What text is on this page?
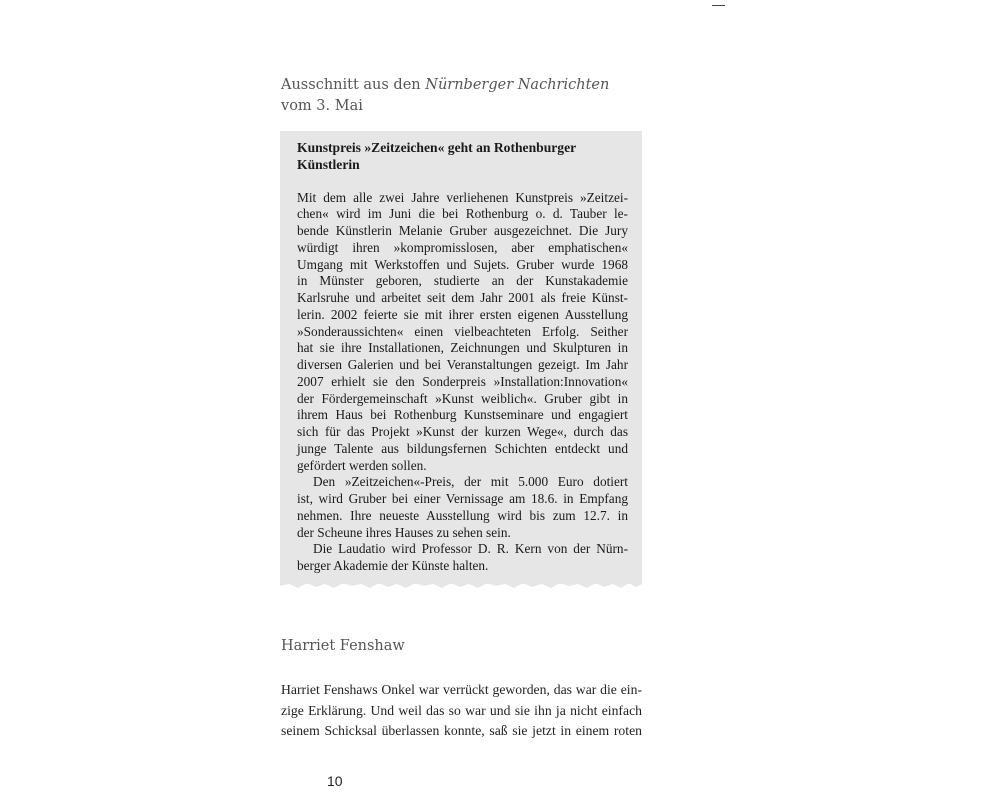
Ausschnitt aus den Nürnberger Nachrichten
vom 3. Mai
Kunstpreis »Zeitzeichen« geht an Rothenburger
Künstlerin
Mit dem alle zwei Jahre verliehenen Kunstpreis »Zeitzei-
chen« wird im Juni die bei Rothenburg o. d. Tauber le-
bende Künstlerin Melanie Gruber ausgezeichnet. Die Jury
würdigt ihren »kompromisslosen, aber emphatischen«
Umgang mit Werkstoffen und Sujets. Gruber wurde 1968
in Münster geboren, studierte an der Kunstakademie
Karlsruhe und arbeitet seit dem Jahr 2001 als freie Künst-
lerin. 2002 feierte sie mit ihrer ersten eigenen Ausstellung
»Sonderaussichten« einen vielbeachteten Erfolg. Seither
hat sie ihre Installationen, Zeichnungen und Skulpturen in
diversen Galerien und bei Veranstaltungen gezeigt. Im Jahr
2007 erhielt sie den Sonderpreis »Installation:Innovation«
der Fördergemeinschaft »Kunst weiblich«. Gruber gibt in
ihrem Haus bei Rothenburg Kunstseminare und engagiert
sich für das Projekt »Kunst der kurzen Wege«, durch das
junge Talente aus bildungsfernen Schichten entdeckt und
gefördert werden sollen.
Den »Zeitzeichen«-Preis, der mit 5.000 Euro dotiert
ist, wird Gruber bei einer Vernissage am 18.6. in Empfang
nehmen. Ihre neueste Ausstellung wird bis zum 12.7. in
der Scheune ihres Hauses zu sehen sein.
Die Laudatio wird Professor D. R. Kern von der Nürn-
berger Akademie der Künste halten.
Harriet Fenshaw
Harriet Fenshaws Onkel war verrückt geworden, das war die ein-
zige Erklärung. Und weil das so war und sie ihn ja nicht einfach
seinem Schicksal überlassen konnte, saß sie jetzt in einem roten
10
